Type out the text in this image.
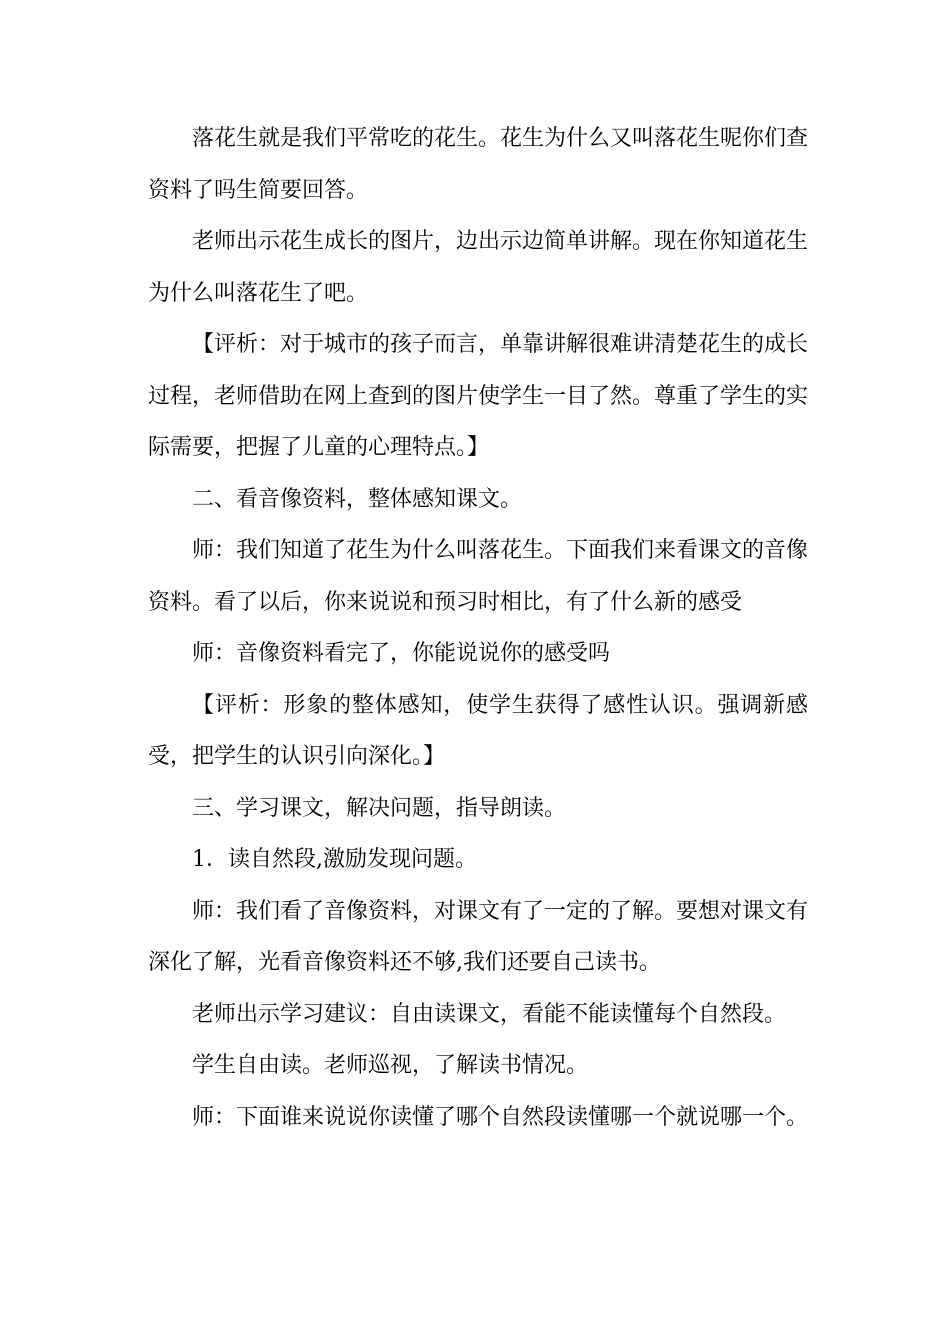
落花生就是我们平常吃的花生。花生为什么又叫落花生呢你们查资料了吗生简要回答。

老师出示花生成长的图片，边出示边简单讲解。现在你知道花生为什么叫落花生了吧。

【评析：对于城市的孩子而言，单靠讲解很难讲清楚花生的成长过程，老师借助在网上查到的图片使学生一目了然。尊重了学生的实际需要，把握了儿童的心理特点。】

二、看音像资料，整体感知课文。

师：我们知道了花生为什么叫落花生。下面我们来看课文的音像资料。看了以后，你来说说和预习时相比，有了什么新的感受

师：音像资料看完了，你能说说你的感受吗

【评析：形象的整体感知，使学生获得了感性认识。强调新感受，把学生的认识引向深化。】

三、学习课文，解决问题，指导朗读。

1．读自然段,激励发现问题。

师：我们看了音像资料，对课文有了一定的了解。要想对课文有深化了解，光看音像资料还不够,我们还要自己读书。

老师出示学习建议：自由读课文，看能不能读懂每个自然段。

学生自由读。老师巡视，了解读书情况。

师：下面谁来说说你读懂了哪个自然段读懂哪一个就说哪一个。
